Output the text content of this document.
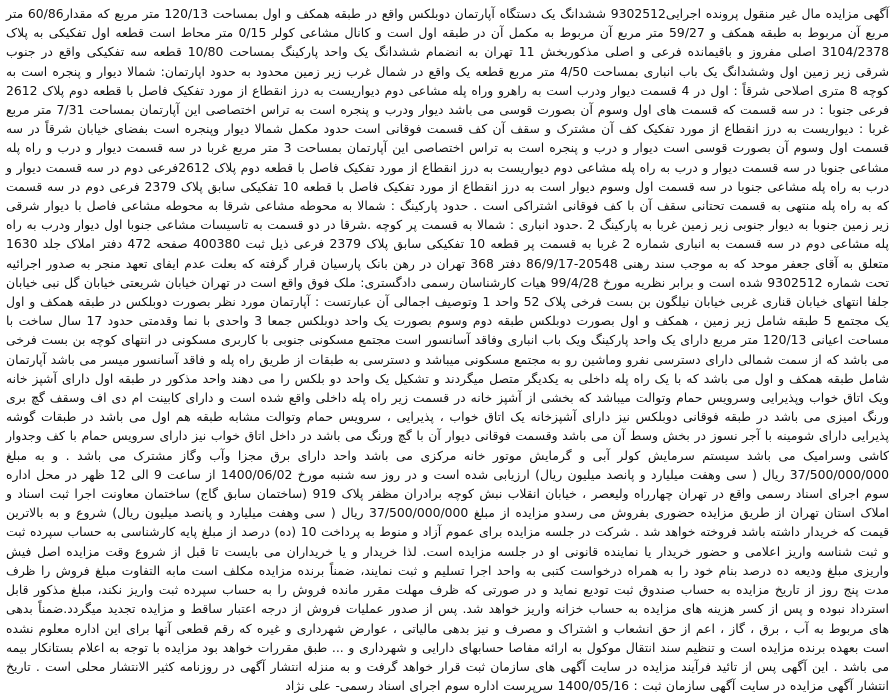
آگهی مزایده مال غیر منقول پرونده اجرایی9302512 ششدانگ یک دستگاه آپارتمان دوبلکس واقع در طبقه همکف و اول بمساحت 120/13 متر مربع که مقدار60/86 متر مربع آن مربوط به طبقه همکف و 59/27 متر مربع آن مربوط به مکمل آن در طبقه اول است و کانال مشاعی کولر 0/15 متر محاط است قطعه اول تفکیکی به پلاک 3104/2378 اصلی مفروز و باقیمانده فرعی و اصلی مذکوربخش 11 تهران به انضمام ششدانگ یک واحد پارکینگ بمساحت 10/80 قطعه سه تفکیکی واقع در جنوب شرقی زیر زمین اول وششدانگ یک باب انباری بمساحت 4/50 متر مربع قطعه یک واقع در شمال غرب زیر زمین محدود به حدود اپارتمان: شمالا دیوار و پنجره است به کوچه 8 متری اصلاحی شرقاً : اول در 4 قسمت دیوار ودرب است به راهرو وراه پله مشاعی دوم دیواریست به درز انقطاع از مورد تفکیک فاصل با قطعه دوم پلاک 2612 فرعی جنوبا : در سه قسمت که قسمت های اول وسوم آن بصورت قوسی می باشد دیوار ودرب و پنجره است به تراس اختصاصی این آپارتمان بمساحت 7/31 متر مربع غربا : دیواریست به درز انقطاع از مورد تفکیک کف آن مشترک و سقف آن کف قسمت فوقانی است حدود مکمل شمالا دیوار وپنجره است بفضای خیابان شرقاً در سه قسمت اول وسوم آن بصورت قوسی است دیوار و درب و پنجره است به تراس اختصاصی این آپارتمان بمساحت 3 متر مربع غربا در سه قسمت دیوار و درب و راه پله مشاعی جنوبا در سه قسمت دیوار و درب به راه پله مشاعی دوم دیواریست به درز انقطاع از مورد تفکیک فاصل با قطعه دوم پلاک 2612فرعی دوم در سه قسمت دیوار و درب به راه پله مشاعی جنوبا در سه قسمت اول وسوم دیوار است به درز انقطاع از مورد تفکیک فاصل با قطعه 10 تفکیکی سابق پلاک 2379 فرعی دوم در سه قسمت که به راه پله منتهی به قسمت تحتانی سقف آن با کف فوقانی اشتراکی است . حدود پارکینگ : شمالا به محوطه مشاعی شرقا به محوطه مشاعی فاصل با دیوار شرقی زیر زمین جنوبا به دیوار جنوبی زیر زمین غربا به پارکینگ 2 .حدود انباری : شمالا به قسمت پر کوچه .شرقا در دو قسمت به تاسیسات مشاعی جنوبا اول دیوار ودرب به راه پله مشاعی دوم در سه قسمت به انباری شماره 2 غربا به قسمت پر قطعه 10 تفکیکی سابق پلاک 2379 فرعی ذیل ثبت 400380 صفحه 472 دفتر املاک جلد 1630 متعلق به آقای جعفر موحد که به موجب سند رهنی 20548-86/9/17 دفتر 368 تهران در رهن بانک پارسیان قرار گرفته که بعلت عدم ایفای تعهد منجر به صدور اجرائیه تحت شماره 9302512 شده است و برابر نظریه مورخ 99/4/28 هیات کارشناسان رسمی دادگستری: ملک فوق واقع است در تهران خیابان شریعتی خیابان گل نبی خیابان جلفا انتهای خیابان قناری غربی خیابان نیلگون بن بست فرخی پلاک 52 واحد 1 وتوصیف اجمالی آن عبارتست : آپارتمان مورد نظر بصورت دوبلکس در طبقه همکف و اول یک مجتمع 5 طبقه شامل زیر زمین ، همکف و اول بصورت دوبلکس طبقه دوم وسوم بصورت یک واحد دوبلکس جمعا 3 واحدی با نما وقدمتی حدود 17 سال ساخت با مساحت اعیانی 120/13 متر مربع دارای یک واحد پارکینگ ویک باب انباری وفاقد آسانسور است مجتمع مسکونی جنوبی با کاربری مسکونی در انتهای کوچه بن بست فرخی می باشد که از سمت شمالی دارای دسترسی نفرو وماشین رو به مجتمع مسکونی میباشد و دسترسی به طبقات از طریق راه پله و فاقد آسانسور میسر می باشد آپارتمان شامل طبقه همکف و اول می باشد که با یک راه پله داخلی به یکدیگر متصل میگردند و تشکیل یک واحد دو بلکس را می دهند واحد مذکور در طبقه اول دارای آشپز خانه ویک اتاق خواب وپذیرایی وسرویس حمام وتوالت میباشد که بخشی از آشپز خانه در قسمت زیر راه پله داخلی واقع شده است و دارای کابینت ام دی اف وسقف گچ بری ورنگ امیزی می باشد در طبقه فوقانی دوبلکس نیز دارای آشپزخانه یک اتاق خواب ، پذیرایی ، سرویس حمام وتوالت مشابه طبقه هم اول می باشد در طبقات گوشه پذیرایی دارای شومینه با آجر نسوز در بخش وسط آن می باشد وقسمت فوقانی دیوار آن با گچ ورنگ می باشد در داخل اتاق خواب نیز دارای سرویس حمام با کف وجدوار کاشی وسرامیک می باشد سیستم سرمایش کولر آبی و گرمایش موتور خانه مرکزی می باشد واحد دارای برق مجزا وآب وگاز مشترک می باشد . و به مبلغ 37/500/000/000 ریال ( سی وهفت میلیارد و پانصد میلیون ریال) ارزیابی شده است و در روز سه شنبه مورخ 1400/06/02 از ساعت 9 الی 12 ظهر در محل اداره سوم اجرای اسناد رسمی واقع در تهران چهارراه ولیعصر ، خیابان انقلاب نبش کوچه برادران مظفر پلاک 919 (ساختمان سابق گاج) ساختمان معاونت اجرا ثبت اسناد و املاک استان تهران از طریق مزایده حضوری بفروش می رسدو مزایده از مبلغ 37/500/000/000 ریال ( سی وهفت میلیارد و پانصد میلیون ریال) شروع و به بالاترین قیمت که خریدار داشته باشد فروخته خواهد شد . شرکت در جلسه مزایده برای عموم آزاد و منوط به پرداخت 10 (ده) درصد از مبلغ پایه کارشناسی به حساب سپرده ثبت و ثبت شناسه واریز اعلامی و حضور خریدار یا نماینده قانونی او در جلسه مزایده است. لذا خریدار و یا خریداران می بایست تا قبل از شروع وقت مزایده اصل فیش واریزی مبلغ ودیعه ده درصد بنام خود را به همراه درخواست کتبی به واحد اجرا تسلیم و ثبت نمایند، ضمناً برنده مزایده مکلف است مابه التفاوت مبلغ فروش را ظرف مدت پنج روز از تاریخ مزایده به حساب صندوق ثبت تودیع نماید و در صورتی که ظرف مهلت مقرر مانده فروش را به حساب سپرده ثبت واریز نکند، مبلغ مذکور قابل استرداد نبوده و پس از کسر هزینه های مزایده به حساب خزانه واریز خواهد شد. پس از صدور عملیات فروش از درجه اعتبار ساقط و مزایده تجدید میگردد.ضمناً بدهی های مربوط به آب ، برق ، گاز ، اعم از حق انشعاب و اشتراک و مصرف و نیز بدهی مالیاتی ، عوارض شهرداری و غیره که رقم قطعی آنها برای این اداره معلوم نشده است بعهده برنده مزایده است و تنظیم سند انتقال موکول به ارائه مفاصا حسابهای دارایی و شهرداری و ... طبق مقررات خواهد بود مزایده با توجه به اعلام بستانکار بیمه می باشد . این آگهی پس از تائید فرآیند مزایده در سایت آگهی های سازمان ثبت قرار خواهد گرفت و به منزله انتشار آگهی در روزنامه کثیر الانتشار محلی است . تاریخ انتشار آگهی مزایده در سایت آگهی سازمان ثبت : 1400/05/16 سرپرست اداره سوم اجرای اسناد رسمی- علی نژاد
